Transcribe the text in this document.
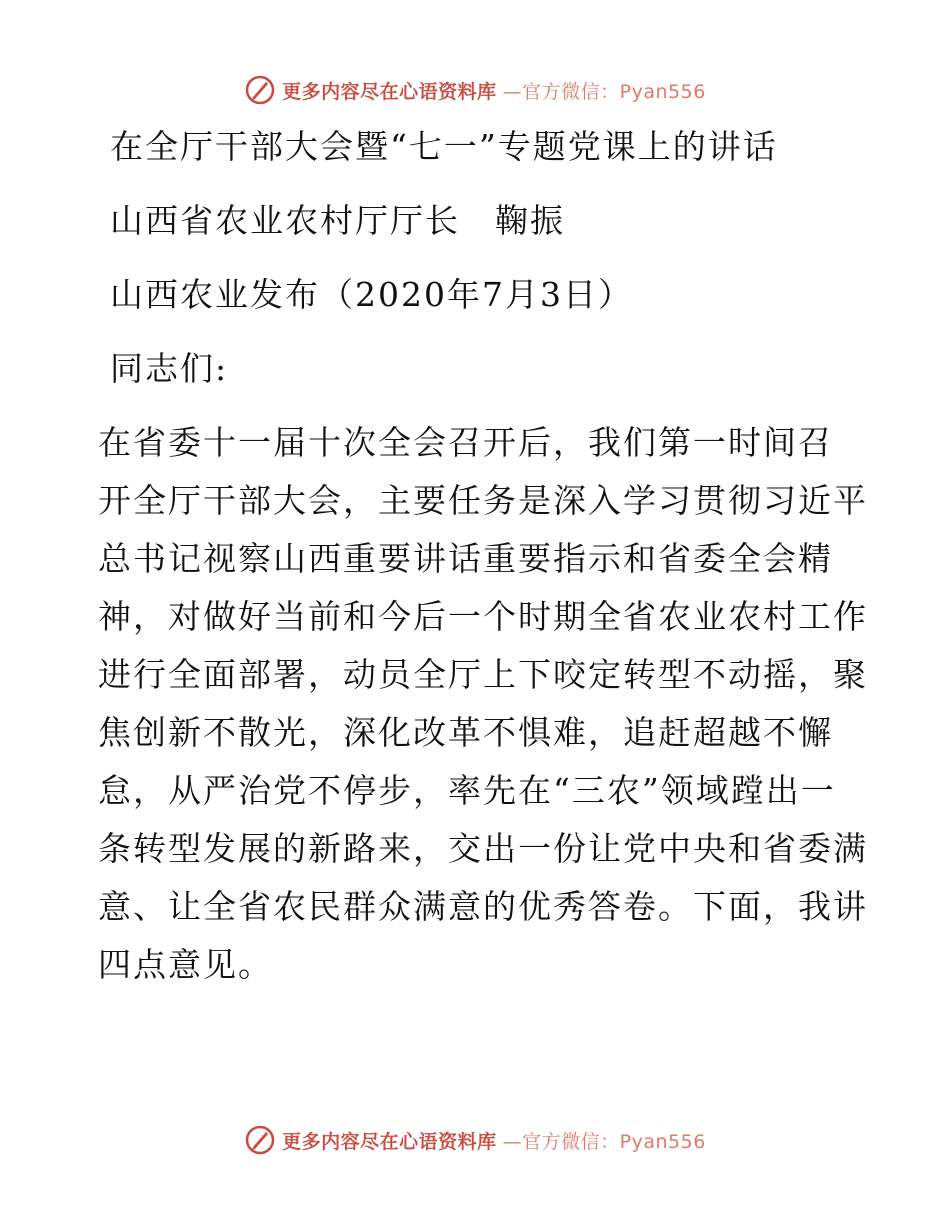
更多内容尽在心语资料库 —官方微信：Pyan556
在全厅干部大会暨“七一”专题党课上的讲话
山西省农业农村厅厅长　鞠振
山西农业发布（2020年7月3日）
同志们:

在省委十一届十次全会召开后，我们第一时间召
开全厅干部大会，主要任务是深入学习贯彻习近平
总书记视察山西重要讲话重要指示和省委全会精
神，对做好当前和今后一个时期全省农业农村工作
进行全面部署，动员全厅上下咬定转型不动摇，聚
焦创新不散光，深化改革不惧难，追赶超越不懈
怠，从严治党不停步，率先在“三农”领域蹚出一
条转型发展的新路来，交出一份让党中央和省委满
意、让全省农民群众满意的优秀答卷。下面，我讲
四点意见。

更多内容尽在心语资料库 —官方微信：Pyan556
